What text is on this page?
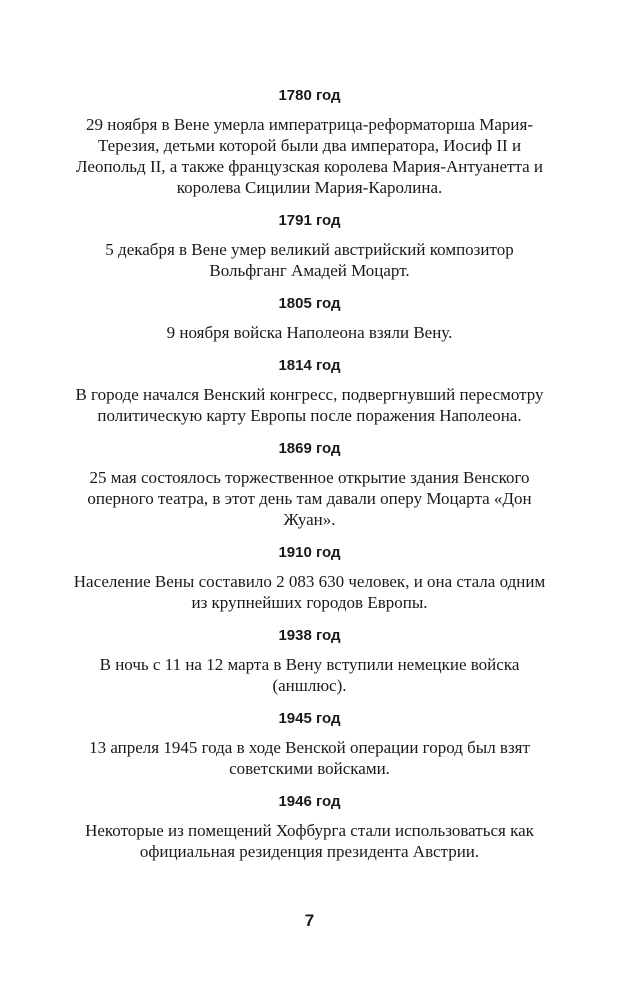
1780 год
29 ноября в Вене умерла императрица-реформаторша Мария-Терезия, детьми которой были два императора, Иосиф II и Леопольд II, а также французская королева Мария-Антуанетта и королева Сицилии Мария-Каролина.
1791 год
5 декабря в Вене умер великий австрийский композитор Вольфганг Амадей Моцарт.
1805 год
9 ноября войска Наполеона взяли Вену.
1814 год
В городе начался Венский конгресс, подвергнувший пересмотру политическую карту Европы после поражения Наполеона.
1869 год
25 мая состоялось торжественное открытие здания Венского оперного театра, в этот день там давали оперу Моцарта «Дон Жуан».
1910 год
Население Вены составило 2 083 630 человек, и она стала одним из крупнейших городов Европы.
1938 год
В ночь с 11 на 12 марта в Вену вступили немецкие войска (аншлюс).
1945 год
13 апреля 1945 года в ходе Венской операции город был взят советскими войсками.
1946 год
Некоторые из помещений Хофбурга стали использоваться как официальная резиденция президента Австрии.
7
